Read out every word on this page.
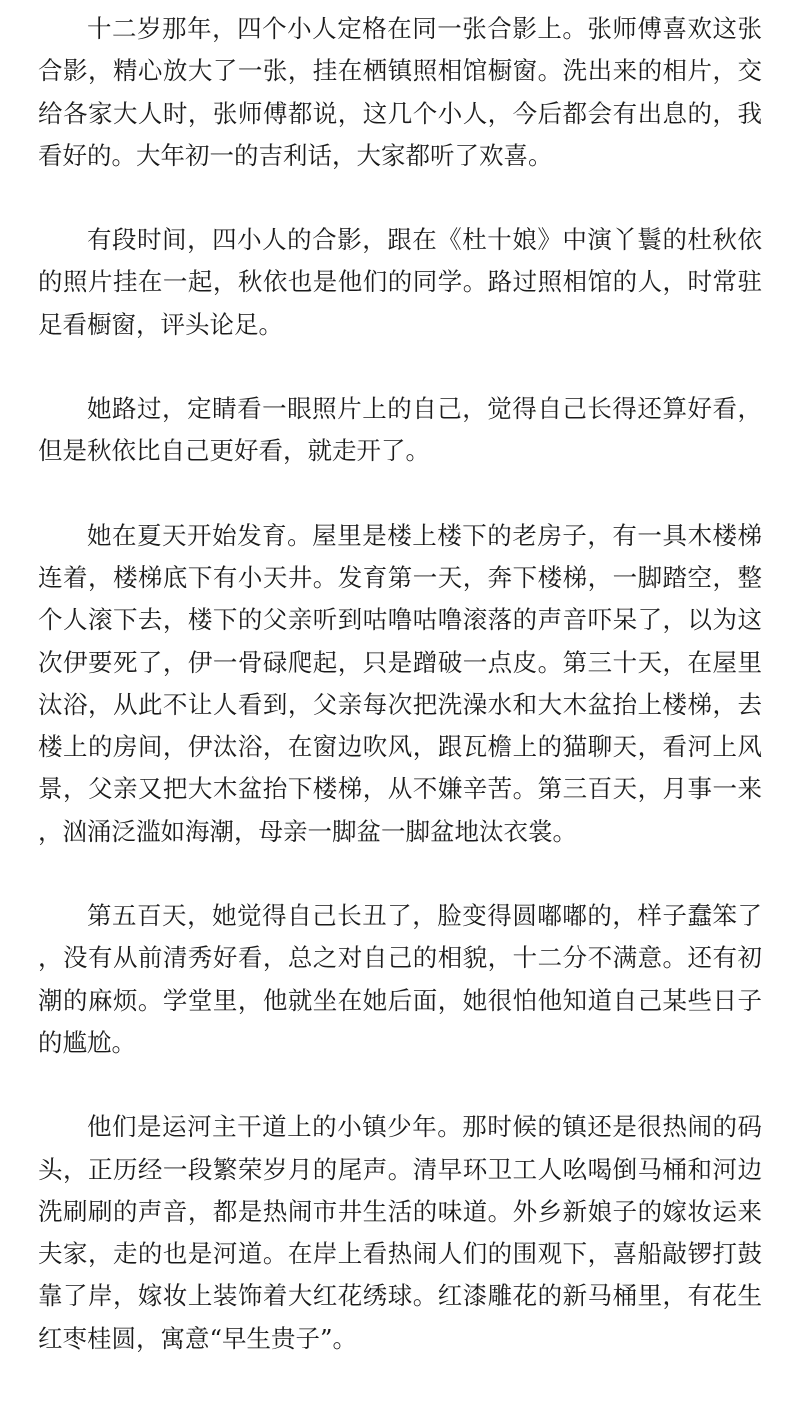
十二岁那年，四个小人定格在同一张合影上。张师傅喜欢这张合影，精心放大了一张，挂在栖镇照相馆橱窗。洗出来的相片，交给各家大人时，张师傅都说，这几个小人，今后都会有出息的，我看好的。大年初一的吉利话，大家都听了欢喜。

有段时间，四小人的合影，跟在《杜十娘》中演丫鬟的杜秋依的照片挂在一起，秋依也是他们的同学。路过照相馆的人，时常驻足看橱窗，评头论足。

她路过，定睛看一眼照片上的自己，觉得自己长得还算好看，但是秋依比自己更好看，就走开了。

她在夏天开始发育。屋里是楼上楼下的老房子，有一具木楼梯连着，楼梯底下有小天井。发育第一天，奔下楼梯，一脚踏空，整个人滚下去，楼下的父亲听到咕噜咕噜滚落的声音吓呆了，以为这次伊要死了，伊一骨碌爬起，只是蹭破一点皮。第三十天，在屋里汰浴，从此不让人看到，父亲每次把洗澡水和大木盆抬上楼梯，去楼上的房间，伊汰浴，在窗边吹风，跟瓦檐上的猫聊天，看河上风景，父亲又把大木盆抬下楼梯，从不嫌辛苦。第三百天，月事一来，汹涌泛滥如海潮，母亲一脚盆一脚盆地汰衣裳。

第五百天，她觉得自己长丑了，脸变得圆嘟嘟的，样子蠢笨了，没有从前清秀好看，总之对自己的相貌，十二分不满意。还有初潮的麻烦。学堂里，他就坐在她后面，她很怕他知道自己某些日子的尴尬。

他们是运河主干道上的小镇少年。那时候的镇还是很热闹的码头，正历经一段繁荣岁月的尾声。清早环卫工人吆喝倒马桶和河边洗刷刷的声音，都是热闹市井生活的味道。外乡新娘子的嫁妆运来夫家，走的也是河道。在岸上看热闹人们的围观下，喜船敲锣打鼓靠了岸，嫁妆上装饰着大红花绣球。红漆雕花的新马桶里，有花生红枣桂圆，寓意“早生贵子”。
